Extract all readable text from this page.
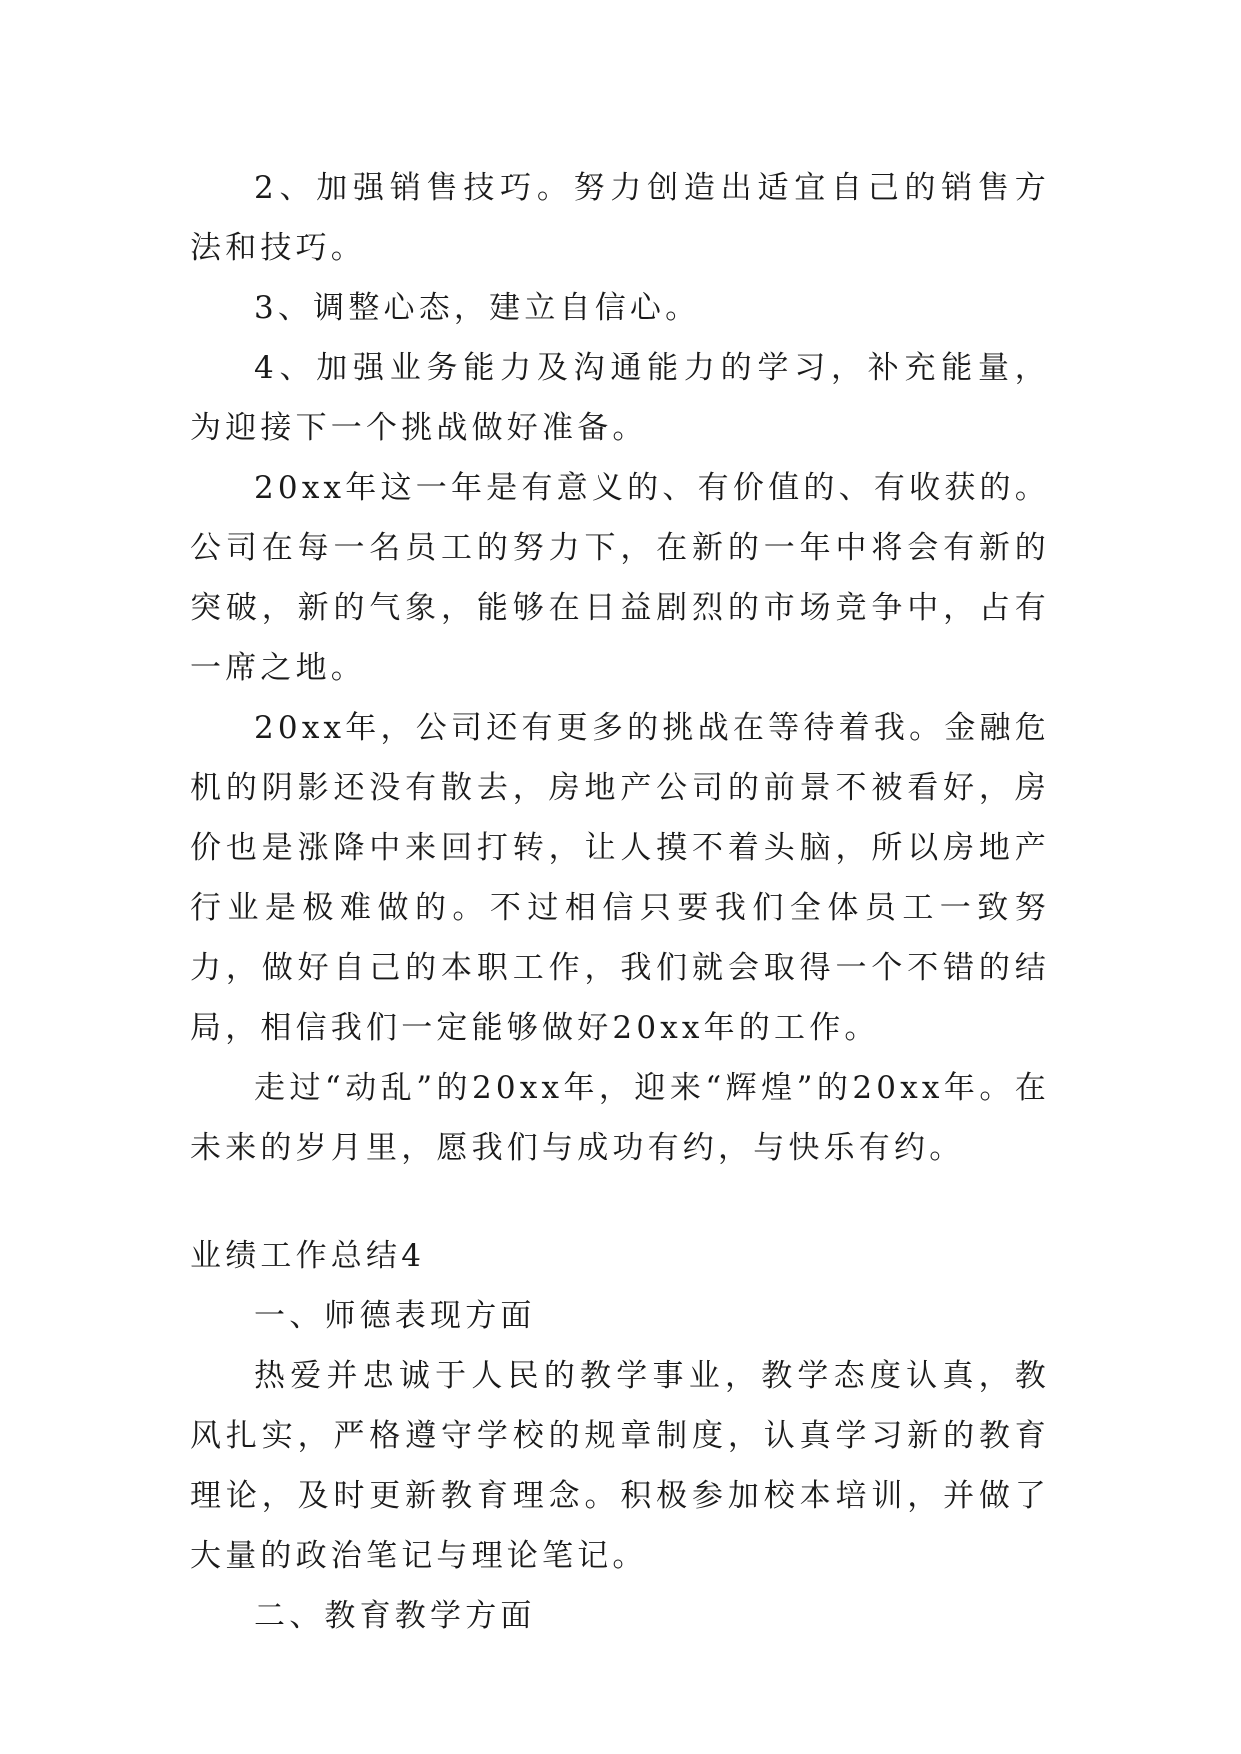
2、加强销售技巧。努力创造出适宜自己的销售方法和技巧。

3、调整心态，建立自信心。

4、加强业务能力及沟通能力的学习，补充能量，为迎接下一个挑战做好准备。

20xx年这一年是有意义的、有价值的、有收获的。公司在每一名员工的努力下，在新的一年中将会有新的突破，新的气象，能够在日益剧烈的市场竞争中，占有一席之地。

20xx年，公司还有更多的挑战在等待着我。金融危机的阴影还没有散去，房地产公司的前景不被看好，房价也是涨降中来回打转，让人摸不着头脑，所以房地产行业是极难做的。不过相信只要我们全体员工一致努力，做好自己的本职工作，我们就会取得一个不错的结局，相信我们一定能够做好20xx年的工作。

走过“动乱”的20xx年，迎来“辉煌”的20xx年。在未来的岁月里，愿我们与成功有约，与快乐有约。

业绩工作总结4

一、师德表现方面

热爱并忠诚于人民的教学事业，教学态度认真，教风扎实，严格遵守学校的规章制度，认真学习新的教育理论，及时更新教育理念。积极参加校本培训，并做了大量的政治笔记与理论笔记。

二、教育教学方面
